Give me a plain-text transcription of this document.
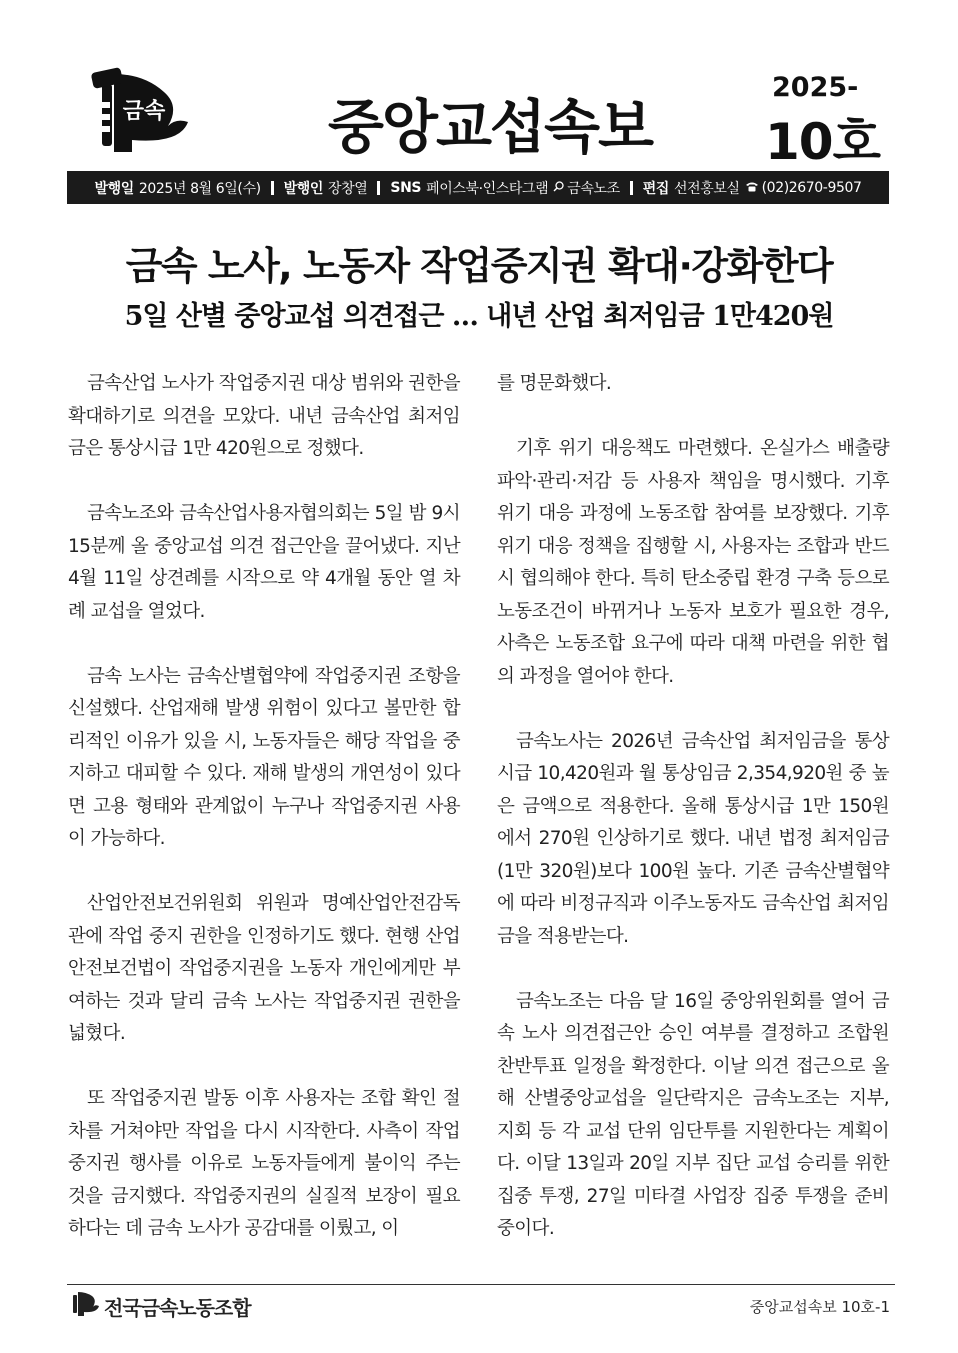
금속	중앙교섭속보
2025-
10호
발행일 2025년 8월 6일(수) 발행인 장창열 SNS 페이스북·인스타그램 금속노조 편집 선전홍보실 (02)2670-9507
금속 노사, 노동자 작업중지권 확대·강화한다
5일 산별 중앙교섭 의견접근 … 내년 산업 최저임금 1만420원

금속산업 노사가 작업중지권 대상 범위와 권한을 확대하기로 의견을 모았다. 내년 금속산업 최저임금은 통상시급 1만 420원으로 정했다.

금속노조와 금속산업사용자협의회는 5일 밤 9시 15분께 올 중앙교섭 의견 접근안을 끌어냈다. 지난 4월 11일 상견례를 시작으로 약 4개월 동안 열 차례 교섭을 열었다.

금속 노사는 금속산별협약에 작업중지권 조항을 신설했다. 산업재해 발생 위험이 있다고 볼만한 합리적인 이유가 있을 시, 노동자들은 해당 작업을 중지하고 대피할 수 있다. 재해 발생의 개연성이 있다면 고용 형태와 관계없이 누구나 작업중지권 사용이 가능하다.

산업안전보건위원회 위원과 명예산업안전감독관에 작업 중지 권한을 인정하기도 했다. 현행 산업안전보건법이 작업중지권을 노동자 개인에게만 부여하는 것과 달리 금속 노사는 작업중지권 권한을 넓혔다.

또 작업중지권 발동 이후 사용자는 조합 확인 절차를 거쳐야만 작업을 다시 시작한다. 사측이 작업중지권 행사를 이유로 노동자들에게 불이익 주는 것을 금지했다. 작업중지권의 실질적 보장이 필요하다는 데 금속 노사가 공감대를 이뤘고, 이

를 명문화했다.

기후 위기 대응책도 마련했다. 온실가스 배출량 파악·관리·저감 등 사용자 책임을 명시했다. 기후 위기 대응 과정에 노동조합 참여를 보장했다. 기후 위기 대응 정책을 집행할 시, 사용자는 조합과 반드시 협의해야 한다. 특히 탄소중립 환경 구축 등으로 노동조건이 바뀌거나 노동자 보호가 필요한 경우, 사측은 노동조합 요구에 따라 대책 마련을 위한 협의 과정을 열어야 한다.

금속노사는 2026년 금속산업 최저임금을 통상시급 10,420원과 월 통상임금 2,354,920원 중 높은 금액으로 적용한다. 올해 통상시급 1만 150원에서 270원 인상하기로 했다. 내년 법정 최저임금(1만 320원)보다 100원 높다. 기존 금속산별협약에 따라 비정규직과 이주노동자도 금속산업 최저임금을 적용받는다.

금속노조는 다음 달 16일 중앙위원회를 열어 금속 노사 의견접근안 승인 여부를 결정하고 조합원 찬반투표 일정을 확정한다. 이날 의견 접근으로 올해 산별중앙교섭을 일단락지은 금속노조는 지부, 지회 등 각 교섭 단위 임단투를 지원한다는 계획이다. 이달 13일과 20일 지부 집단 교섭 승리를 위한 집중 투쟁, 27일 미타결 사업장 집중 투쟁을 준비 중이다.

전국금속노동조합	중앙교섭속보 10호-1
